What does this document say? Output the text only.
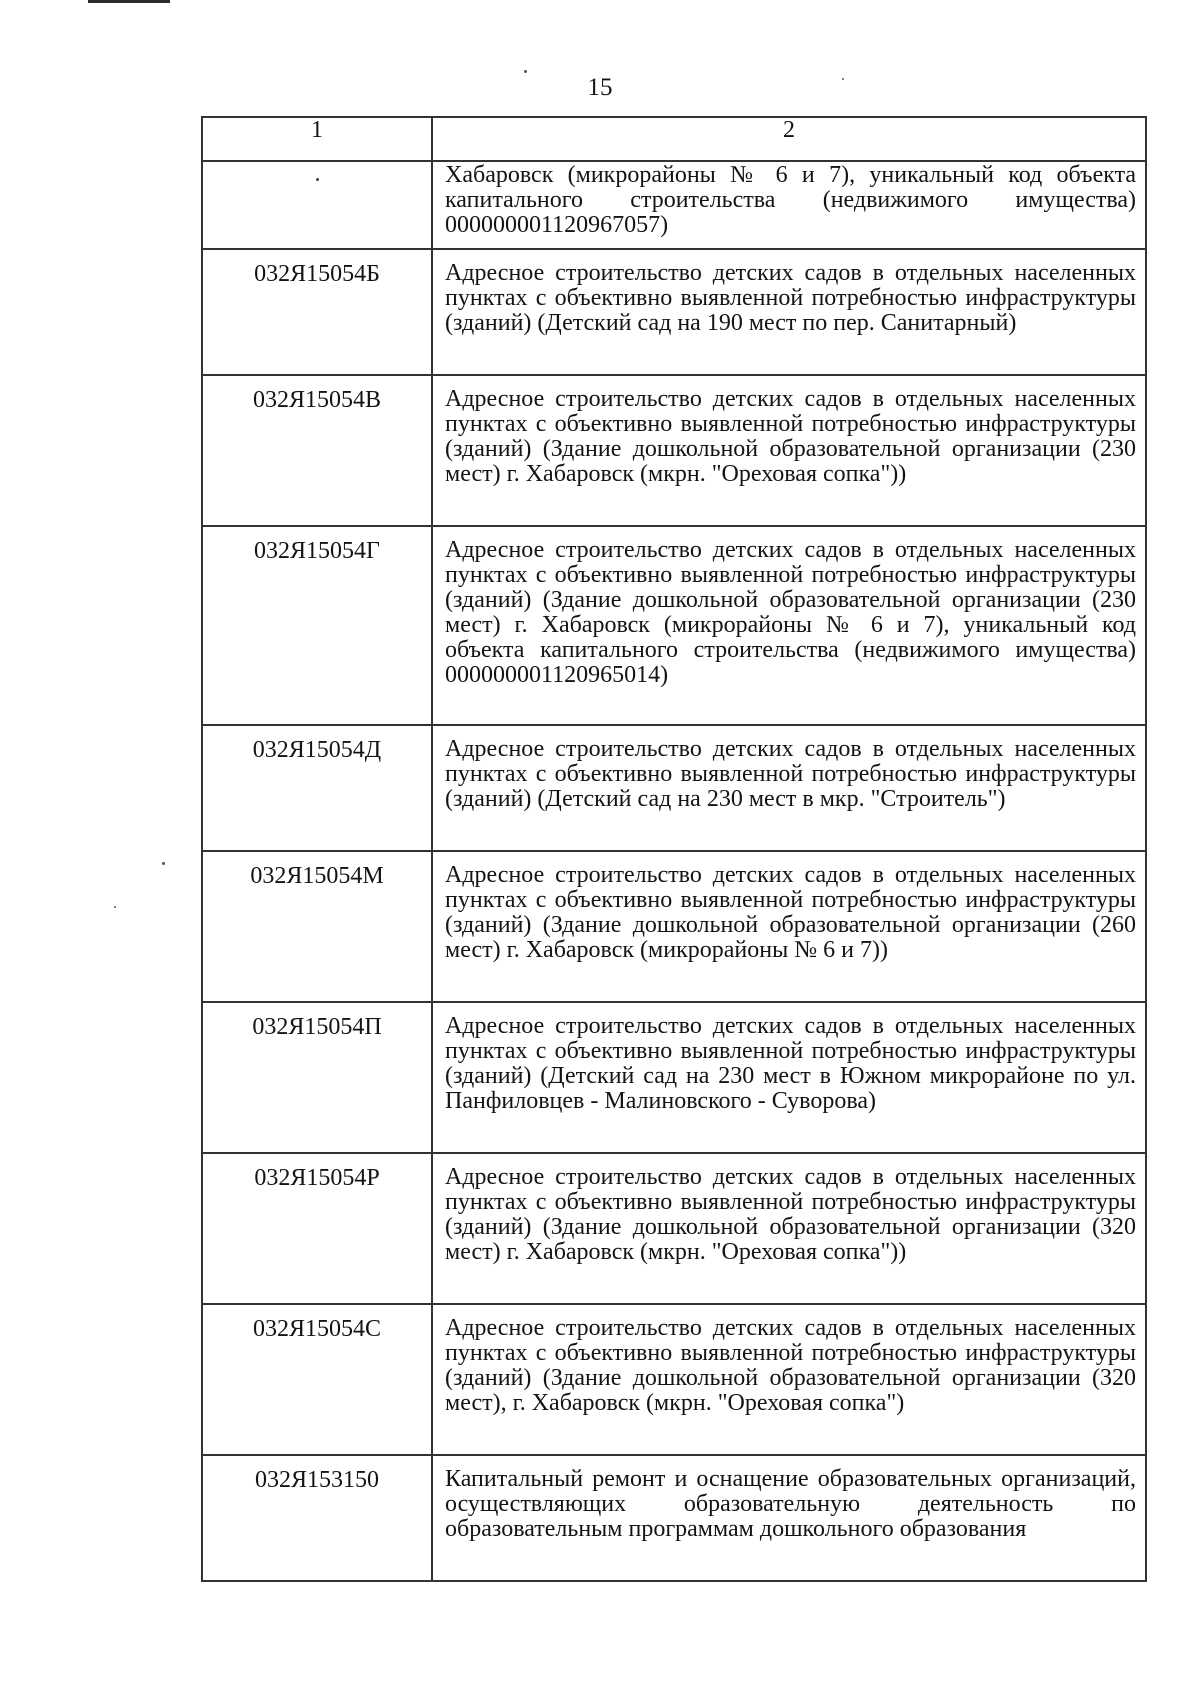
15
1	2
	Хабаровск (микрорайоны № 6 и 7), уникальный код объекта капитального строительства (недвижимого имущества) 000000001120967057)
032Я15054Б	Адресное строительство детских садов в отдельных населенных пунктах с объективно выявленной потребностью инфраструктуры (зданий) (Детский сад на 190 мест по пер. Санитарный)
032Я15054В	Адресное строительство детских садов в отдельных населенных пунктах с объективно выявленной потребностью инфраструктуры (зданий) (Здание дошкольной образовательной организации (230 мест) г. Хабаровск (мкрн. "Ореховая сопка"))
032Я15054Г	Адресное строительство детских садов в отдельных населенных пунктах с объективно выявленной потребностью инфраструктуры (зданий) (Здание дошкольной образовательной организации (230 мест) г. Хабаровск (микрорайоны № 6 и 7), уникальный код объекта капитального строительства (недвижимого имущества) 000000001120965014)
032Я15054Д	Адресное строительство детских садов в отдельных населенных пунктах с объективно выявленной потребностью инфраструктуры (зданий) (Детский сад на 230 мест в мкр. "Строитель")
032Я15054М	Адресное строительство детских садов в отдельных населенных пунктах с объективно выявленной потребностью инфраструктуры (зданий) (Здание дошкольной образовательной организации (260 мест) г. Хабаровск (микрорайоны № 6 и 7))
032Я15054П	Адресное строительство детских садов в отдельных населенных пунктах с объективно выявленной потребностью инфраструктуры (зданий) (Детский сад на 230 мест в Южном микрорайоне по ул. Панфиловцев - Малиновского - Суворова)
032Я15054Р	Адресное строительство детских садов в отдельных населенных пунктах с объективно выявленной потребностью инфраструктуры (зданий) (Здание дошкольной образовательной организации (320 мест) г. Хабаровск (мкрн. "Ореховая сопка"))
032Я15054С	Адресное строительство детских садов в отдельных населенных пунктах с объективно выявленной потребностью инфраструктуры (зданий) (Здание дошкольной образовательной организации (320 мест), г. Хабаровск (мкрн. "Ореховая сопка")
032Я153150	Капитальный ремонт и оснащение образовательных организаций, осуществляющих образовательную деятельность по образовательным программам дошкольного образования
